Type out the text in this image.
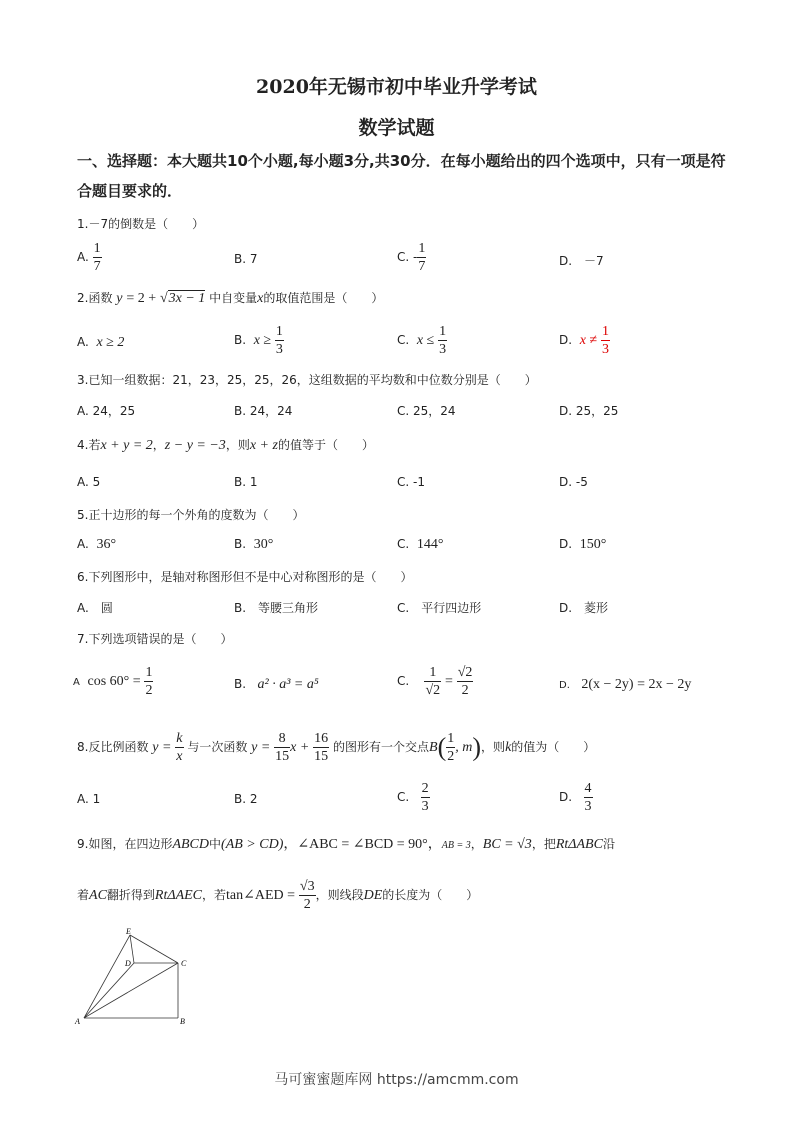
2020年无锡市初中毕业升学考试
数学试题
一、选择题：本大题共10个小题,每小题3分,共30分．在每小题给出的四个选项中，只有一项是符合题目要求的．
1.－7的倒数是（　　）
A. $\frac{1}{7}$	B. 7	C. - $\frac{1}{7}$	D.　－7
2.函数 y = 2 + √3x − 1 中自变量x的取值范围是（　　）
A. x ≥ 2	B. $x \ge \frac{1}{3}$	C. $x \le \frac{1}{3}$	D. $x \ne \frac{1}{3}$
3.已知一组数据：21，23，25，25，26，这组数据的平均数和中位数分别是（　　）
A. 24，25	B. 24，24	C. 25，24	D. 25，25
4.若x + y = 2，z − y = −3，则x + z的值等于（　　）
A. 5	B. 1	C. -1	D. -5
5.正十边形的每一个外角的度数为（　　）
A. 36°	B. 30°	C. 144°	D. 150°
6.下列图形中，是轴对称图形但不是中心对称图形的是（　　）
A.　圆	B.　等腰三角形	C.　平行四边形	D.　菱形
7.下列选项错误的是（　　）
A $\cos 60^\circ = \frac{1}{2}$	B. a² · a³ = a⁵	C. $\frac{1}{√2} = \frac{√2}{2}$	D. 2(x − 2y) = 2x − 2y
8.反比例函数 $y = \frac{k}{x}$ 与一次函数 $y = \frac{8}{15}$ $x + \frac{16}{15}$ 的图形有一个交点$B( \frac{1}{2}$ , m)，则k的值为（　　）
A. 1	B. 2	C. $\frac{2}{3}$	D. $\frac{4}{3}$
9.如图，在四边形ABCD中(AB > CD)，∠ABC = ∠BCD = 90°，AB = 3，BC = √3，把RtΔABC沿
着AC翻折得到RtΔAEC，若tan∠AED = $\frac{√3}{2}$ ，则线段DE的长度为（　　）
E
D	C
A	B
马可蜜蜜题库网 https://amcmm.com
